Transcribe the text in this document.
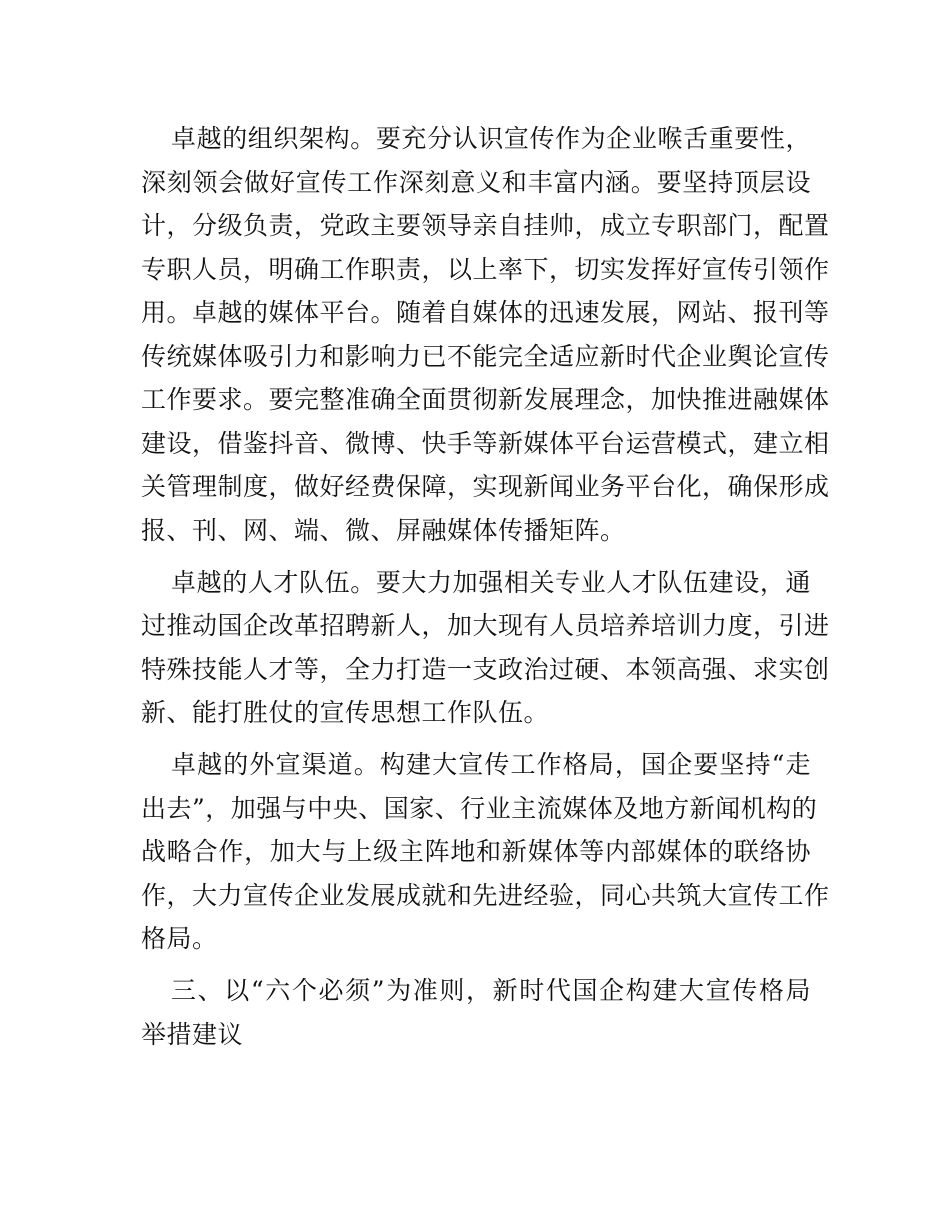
卓越的组织架构。要充分认识宣传作为企业喉舌重要性，
深刻领会做好宣传工作深刻意义和丰富内涵。要坚持顶层设
计，分级负责，党政主要领导亲自挂帅，成立专职部门，配置
专职人员，明确工作职责，以上率下，切实发挥好宣传引领作
用。卓越的媒体平台。随着自媒体的迅速发展，网站、报刊等
传统媒体吸引力和影响力已不能完全适应新时代企业舆论宣传
工作要求。要完整准确全面贯彻新发展理念，加快推进融媒体
建设，借鉴抖音、微博、快手等新媒体平台运营模式，建立相
关管理制度，做好经费保障，实现新闻业务平台化，确保形成
报、刊、网、端、微、屏融媒体传播矩阵。
卓越的人才队伍。要大力加强相关专业人才队伍建设，通
过推动国企改革招聘新人，加大现有人员培养培训力度，引进
特殊技能人才等，全力打造一支政治过硬、本领高强、求实创
新、能打胜仗的宣传思想工作队伍。
卓越的外宣渠道。构建大宣传工作格局，国企要坚持“走
出去”，加强与中央、国家、行业主流媒体及地方新闻机构的
战略合作，加大与上级主阵地和新媒体等内部媒体的联络协
作，大力宣传企业发展成就和先进经验，同心共筑大宣传工作
格局。
三、以“六个必须”为准则，新时代国企构建大宣传格局
举措建议
